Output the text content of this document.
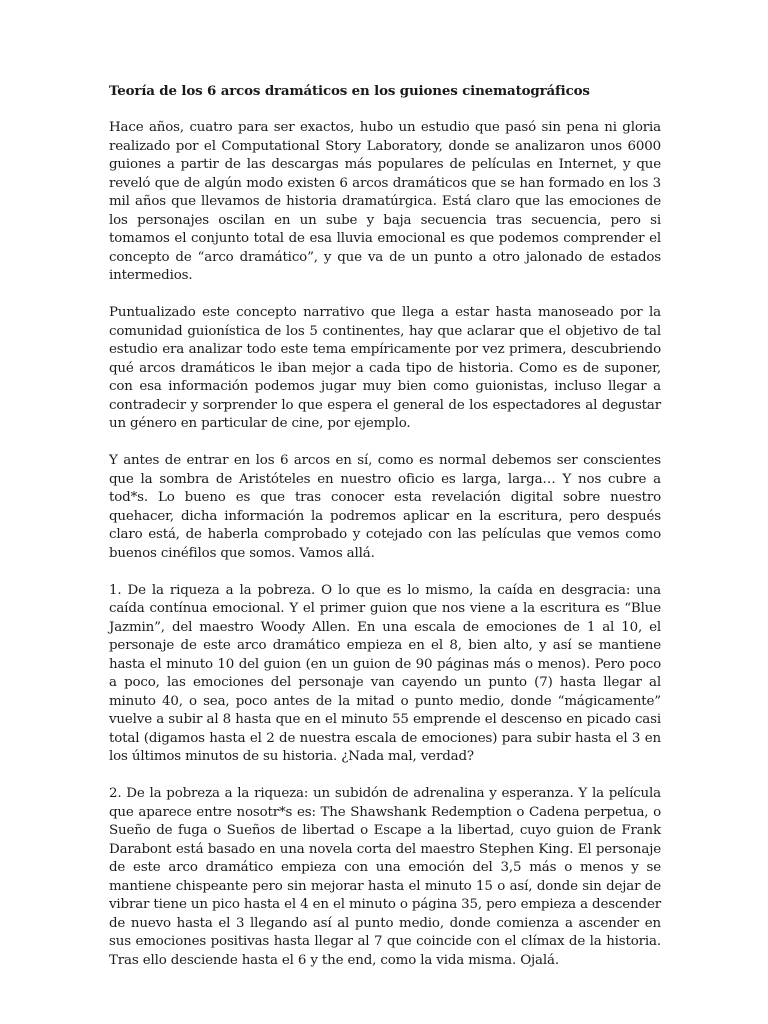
Teoría de los 6 arcos dramáticos en los guiones cinematográficos
Hace años, cuatro para ser exactos, hubo un estudio que pasó sin pena ni gloria realizado por el Computational Story Laboratory, donde se analizaron unos 6000 guiones a partir de las descargas más populares de películas en Internet, y que reveló que de algún modo existen 6 arcos dramáticos que se han formado en los 3 mil años que llevamos de historia dramatúrgica. Está claro que las emociones de los personajes oscilan en un sube y baja secuencia tras secuencia, pero si tomamos el conjunto total de esa lluvia emocional es que podemos comprender el concepto de “arco dramático”, y que va de un punto a otro jalonado de estados intermedios.
Puntualizado este concepto narrativo que llega a estar hasta manoseado por la comunidad guionística de los 5 continentes, hay que aclarar que el objetivo de tal estudio era analizar todo este tema empíricamente por vez primera, descubriendo qué arcos dramáticos le iban mejor a cada tipo de historia. Como es de suponer, con esa información podemos jugar muy bien como guionistas, incluso llegar a contradecir y sorprender lo que espera el general de los espectadores al degustar un género en particular de cine, por ejemplo.
Y antes de entrar en los 6 arcos en sí, como es normal debemos ser conscientes que la sombra de Aristóteles en nuestro oficio es larga, larga… Y nos cubre a tod*s. Lo bueno es que tras conocer esta revelación digital sobre nuestro quehacer, dicha información la podremos aplicar en la escritura, pero después claro está, de haberla comprobado y cotejado con las películas que vemos como buenos cinéfilos que somos. Vamos allá.
1. De la riqueza a la pobreza. O lo que es lo mismo, la caída en desgracia: una caída contínua emocional. Y el primer guion que nos viene a la escritura es “Blue Jazmin”, del maestro Woody Allen. En una escala de emociones de 1 al 10, el personaje de este arco dramático empieza en el 8, bien alto, y así se mantiene hasta el minuto 10 del guion (en un guion de 90 páginas más o menos). Pero poco a poco, las emociones del personaje van cayendo un punto (7) hasta llegar al minuto 40, o sea, poco antes de la mitad o punto medio, donde “mágicamente” vuelve a subir al 8 hasta que en el minuto 55 emprende el descenso en picado casi total (digamos hasta el 2 de nuestra escala de emociones) para subir hasta el 3 en los últimos minutos de su historia. ¿Nada mal, verdad?
2. De la pobreza a la riqueza: un subidón de adrenalina y esperanza. Y la película que aparece entre nosotr*s es: The Shawshank Redemption o Cadena perpetua, o Sueño de fuga o Sueños de libertad o Escape a la libertad, cuyo guion de Frank Darabont está basado en una novela corta del maestro Stephen King. El personaje de este arco dramático empieza con una emoción del 3,5 más o menos y se mantiene chispeante pero sin mejorar hasta el minuto 15 o así, donde sin dejar de vibrar tiene un pico hasta el 4 en el minuto o página 35, pero empieza a descender de nuevo hasta el 3 llegando así al punto medio, donde comienza a ascender en sus emociones positivas hasta llegar al 7 que coincide con el clímax de la historia. Tras ello desciende hasta el 6 y the end, como la vida misma. Ojalá.
